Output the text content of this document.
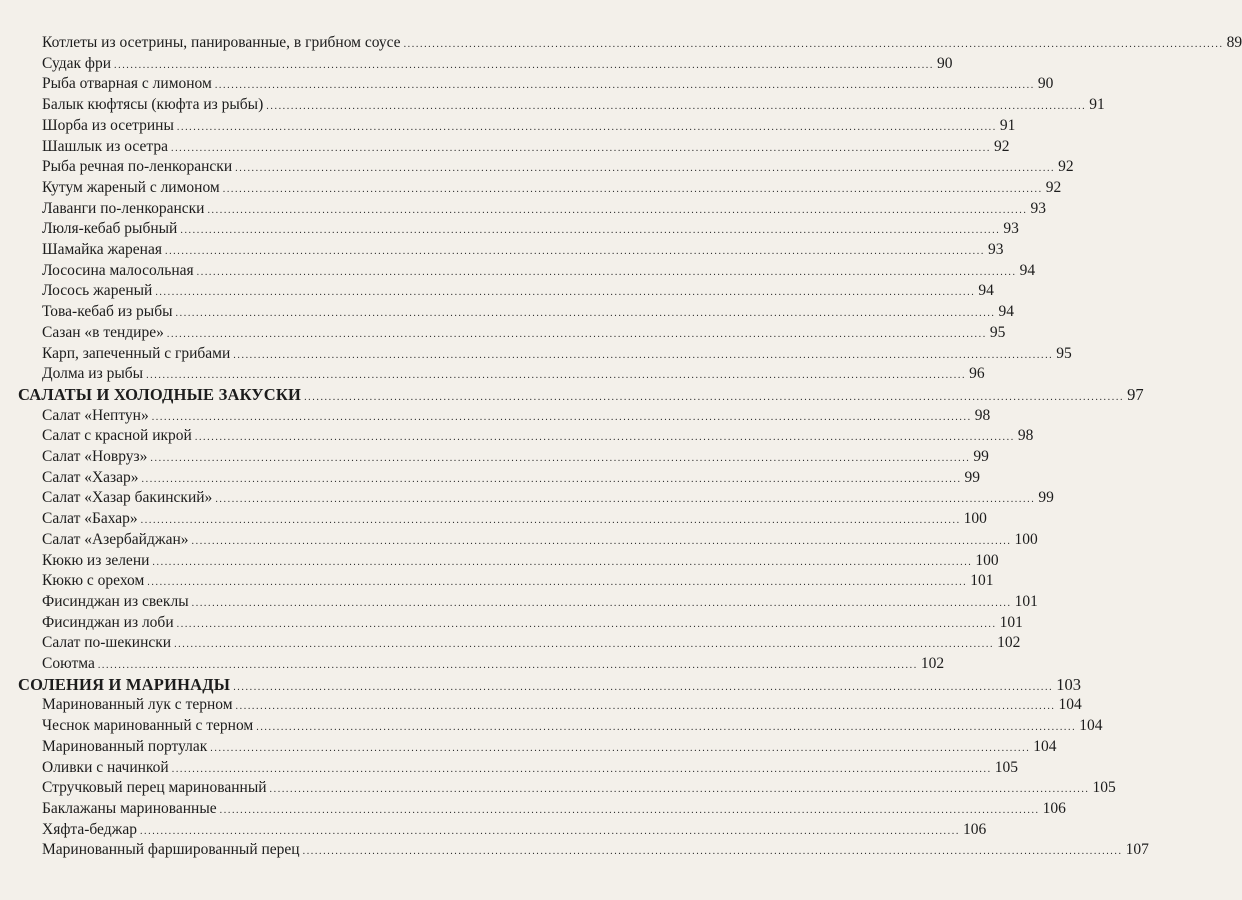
Котлеты из осетрины, панированные, в грибном соусе ........................................................................................................................................................................................................ 89
Судак фри ........................................................................................................................................................................................................ 90
Рыба отварная с лимоном ........................................................................................................................................................................................................ 90
Балык кюфтясы (кюфта из рыбы) ........................................................................................................................................................................................................ 91
Шорба из осетрины ........................................................................................................................................................................................................ 91
Шашлык из осетра ........................................................................................................................................................................................................ 92
Рыба речная по-ленкорански ........................................................................................................................................................................................................ 92
Кутум жареный с лимоном ........................................................................................................................................................................................................ 92
Лаванги по-ленкорански ........................................................................................................................................................................................................ 93
Люля-кебаб рыбный ........................................................................................................................................................................................................ 93
Шамайка жареная ........................................................................................................................................................................................................ 93
Лососина малосольная ........................................................................................................................................................................................................ 94
Лосось жареный ........................................................................................................................................................................................................ 94
Това-кебаб из рыбы ........................................................................................................................................................................................................ 94
Сазан «в тендире» ........................................................................................................................................................................................................ 95
Карп, запеченный с грибами ........................................................................................................................................................................................................ 95
Долма из рыбы ........................................................................................................................................................................................................ 96
САЛАТЫ И ХОЛОДНЫЕ ЗАКУСКИ ........................................................................................................................................................................................................ 97
Салат «Нептун» ........................................................................................................................................................................................................ 98
Салат с красной икрой ........................................................................................................................................................................................................ 98
Салат «Новруз» ........................................................................................................................................................................................................ 99
Салат «Хазар» ........................................................................................................................................................................................................ 99
Салат «Хазар бакинский» ........................................................................................................................................................................................................ 99
Салат «Бахар» ........................................................................................................................................................................................................ 100
Салат «Азербайджан» ........................................................................................................................................................................................................ 100
Кюкю из зелени ........................................................................................................................................................................................................ 100
Кюкю с орехом ........................................................................................................................................................................................................ 101
Фисинджан из свеклы ........................................................................................................................................................................................................ 101
Фисинджан из лоби ........................................................................................................................................................................................................ 101
Салат по-шекински ........................................................................................................................................................................................................ 102
Соютма ........................................................................................................................................................................................................ 102
СОЛЕНИЯ И МАРИНАДЫ ........................................................................................................................................................................................................ 103
Маринованный лук с терном ........................................................................................................................................................................................................ 104
Чеснок маринованный с терном ........................................................................................................................................................................................................ 104
Маринованный портулак ........................................................................................................................................................................................................ 104
Оливки с начинкой ........................................................................................................................................................................................................ 105
Стручковый перец маринованный ........................................................................................................................................................................................................ 105
Баклажаны маринованные ........................................................................................................................................................................................................ 106
Хяфта-беджар ........................................................................................................................................................................................................ 106
Маринованный фаршированный перец ........................................................................................................................................................................................................ 107
